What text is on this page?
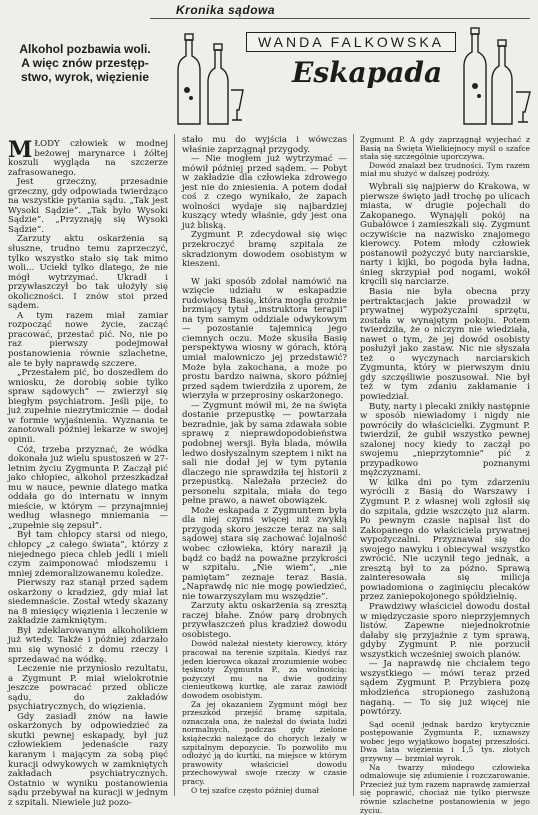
Kronika sądowa
Alkohol pozbawia woli.
A więc znów przestęp-
stwo, wyrok, więzienie
WANDA FALKOWSKA
Eskapada

MŁODY człowiek w modnej beżowej marynarce i żółtej koszuli wygląda na szczerze zafrasowanego.

Jest grzeczny, przesadnie grzeczny, gdy odpowiada twierdząco na wszystkie pytania sądu. „Tak jest Wysoki Sądzie”. „Tak było Wysoki Sądzie”. „Przyznaję się Wysoki Sądzie”.

Zarzuty aktu oskarżenia są słuszne, trudno temu zaprzeczyć, tylko wszystko stało się tak mimo woli... Uciekł tylko dlatego, że nie mógł wytrzymać. Ukradł i przywłaszczył bo tak ułożyły się okoliczności. I znów stoi przed sądem.

A tym razem miał zamiar rozpocząć nowe życie, zacząć pracować, przestać pić. No, nie po raz pierwszy podejmował postanowienia równie szlachetne, ale te były naprawdę szczere.

„Przestałem pić, bo doszedłem do wniosku, że dorobię sobie tylko spraw sądowych” — zwierzył się biegłym psychiatrom. Jeśli pije, to już zupełnie niezrytmicznie — dodał w formie wyjaśnienia. Wyznania te zanotowali później lekarze w swojej opinii.

Cóż, trzeba przyznać, że wódka dokonała już wielu spustoszeń w 27-letnim życiu Zygmunta P. Zaczął pić jako chłopiec, alkohol przeszkadzał mu w nauce, pewnie dlatego matka oddała go do internatu w innym mieście, w którym — przynajmniej według własnego mniemania — „zupełnie się zepsuł”.

Był tam chłopcy starsi od niego, chłopcy „z całego świata”, którzy z niejednego pieca chleb jedli i mieli czym zaimponować młodszemu i mniej zdemoralizowanemu koledze.

Pierwszy raz stanął przed sądem oskarżony o kradzież, gdy miał lat siedemnaście. Został wtedy skazany na 8 miesięcy więzienia i leczenie w zakładzie zamkniętym.

Był zdeklarowanym alkoholikiem już wtedy. Także i później zdarzało mu się wynosić z domu rzeczy i sprzedawać na wódkę.

Leczenie nie przyniosło rezultatu, a Zygmunt P. miał wielokrotnie jeszcze powracać przed oblicze sądu, do zakładów psychiatrycznych, do więzienia.

Gdy zasiadł znów na ławie oskarżonych by odpowiedzieć za skutki pewnej eskapady, był już człowiekiem jedenaście razy karanym i mającym za sobą pięć kuracji odwykowych w zamkniętych zakładach psychiatrycznych. Ostatnio w wyniku postanowienia sądu przebywał na kuracji w jednym z szpitali. Niewiele już pozo-

stało mu do wyjścia i wówczas właśnie zaprzągnął przygody.

— Nie mogłem już wytrzymać — mówił później przed sądem. — Pobyt w zakładzie dla człowieka zdrowego jest nie do zniesienia. A potem dodał coś z czego wynikało, że zapach wolności wydaje się najbardziej kuszący wtedy właśnie, gdy jest ona już bliską.

Zygmunt P. zdecydował się więc przekroczyć bramę szpitala ze skradzionym dowodem osobistym w kieszeni.

W jaki sposób zdołał namówić na wzięcie udziału w eskapadzie rudowłosą Basię, która mogła grożnie brzmiący tytuł „instruktora terapii” na tym samym oddziale odwykowym — pozostanie tajemnicą jego ciemnych oczu. Może skusiła Basię perspektywa wiosny w górach, którą umiał malowniczo jej przedstawić? Może była zakochana, a może po prostu bardzo naiwna, skoro później przed sądem twierdziła z uporem, że wierzyła w przeprosiny oskarżonego.

— Zygmunt mówił mi, że na święta dostanie przepustkę — powtarzała bezradnie, jak by sama zdawała sobie sprawę z nieprawdopodobieństwa podobnej wersji. Była blada, mówiła ledwo dosłyszalnym szeptem i nikt na sali nie dodał jej w tym pytania dlaczego nie sprawdziła tej historii z przepustką. Należała przecież do personelu szpitala, miała do tego pełne prawo, a nawet obowiązek.

Może eskapada z Zygmuntem była dla niej czymś więcej niż zwykłą przygodą skoro jeszcze teraz na sali sądowej stara się zachować lojalność wobec człowieka, który naraził ją bądź co bądź na poważne przykrości w szpitalu. „Nie wiem”, „nie pamiętam” zeznaje teraz Basia. „Naprawdę nic nie mogę powiedzieć, nie towarzyszyłam mu wszędzie”.

Zarzuty aktu oskarżenia są zresztą raczej błahe. Znów parę drobnych przywłaszczeń plus kradzież dowodu osobistego.

Dowód należał niestety kierowcy, który pracował na terenie szpitala. Kiedyś raz jeden kierowca okazał zrozumienie wobec tęsknoty Zygmunta P., za wolnością: pożyczył mu na dwie godziny cienieutkową kurtkę, ale zaraz zawiódł dowodem osobistym.

Za jej okazaniem Zygmunt mógł bez przeszkód przejść bramę szpitala, oznaczała ona, że należał do świata ludzi normalnych, podczas gdy zielone książeczki należące do chorych leżały w szpitalnym depozycie. To pozwoliło mu odłożyć ją do kurtki, na miejsce w którym prawowity właściciel dowodu przechowywał swoje rzeczy w czasie pracy.

O tej szafce często później dumał

Zygmunt P. A gdy zaprzągnął wyjechać z Basią na Święta Wielkiejnocy myśl o szafce stała się szczególnie uporczywa.

Dowód znalazł bez trudności. Tym razem miał mu służyć w dalszej podróży.

Wybrali się najpierw do Krakowa, w pierwsze święto jadł trochę po ulicach miasta, w drugie pojechali do Zakopanego. Wynajęli pokój na Gubałówce i zamieszkali się. Zygmunt oczywiście na nazwisko znajomego kierowcy. Potem młody człowiek postanowił pożyczyć buty narciarskie, narty i kijki, bo pogoda była ładna, śnieg skrzypiał pod nogami, wokół kręcili się narciarze.

Basia nie była obecna przy pertraktacjach jakie prowadził w prywatnej wypożyczalni sprzętu, została w wynajętym pokoju. Potem twierdziła, że o niczym nie wiedziała, nawet o tym, że jej dowód osobisty posłużył jako zastaw. Nic nie słyszała też o wyczynach narciarskich Zygmunta, który w pierwszym dniu gdy szczęśliwie poszusował. Nie był też w tym zdaniu zakłamanie i powiedział.

Buty, narty i plecaki znikły następnie w sposób niewiadomy i nigdy nie powróciły do właścicielki. Zygmunt P. twierdził, że gubił wszystko pewnej szalonej nocy kiedy to zaczął po swojemu „nieprzytomnie” pić z przypadkowo poznanymi mężczyznami.

W kilka dni po tym zdarzeniu wyrócili z Basią do Warszawy i Zygmunt P. z własnej woli zgłosił się do szpitala, gdzie wszczęto już alarm. Po pewnym czasie napisał list do Zakopanego do właściciela prywatnej wypożyczalni. Przyznawał się do swojego nawyku i obiecywał wszystko zwrócić. Nie uczynił tego jednak, a zresztą był to za późno. Sprawą zainteresowała się milicja powiadomiona o zaginięciu plecaków przez zaniepokojonego spółdzielnię.

Prawdziwy właściciel dowodu dostał w międzyczasie sporo nieprzyjemnych listów. Zapewne niejednokrotnie dałaby się przyjaźnie z tym sprawą, gdyby Zygmunt P. nie porzucił wszystkich wcześniej swoich planów.

— Ja naprawdę nie chciałem tego wszystkiego — mówi teraz przed sądem Zygmunt P. Przybiera pozę młodzieńca stropionego zasłużoną naganą. — To się już więcej nie powtórzy.

Sąd ocenił jednak bardzo krytycznie postępowanie Zygmunta P., uznawszy wobec jego wyjątkowo bogatej przeszłości. Dwa lata więzienia i 1,5 tys. złotych grzywny — brzmiał wyrok.

Na twarzy młodego człowieka odmalowuje się zdumienie i rozczarowanie. Przecież już tym razem naprawdę zamierzał się poprawić, chociaż nie tylko pierwsze równie szlachetne postanowienia w jego życiu.
